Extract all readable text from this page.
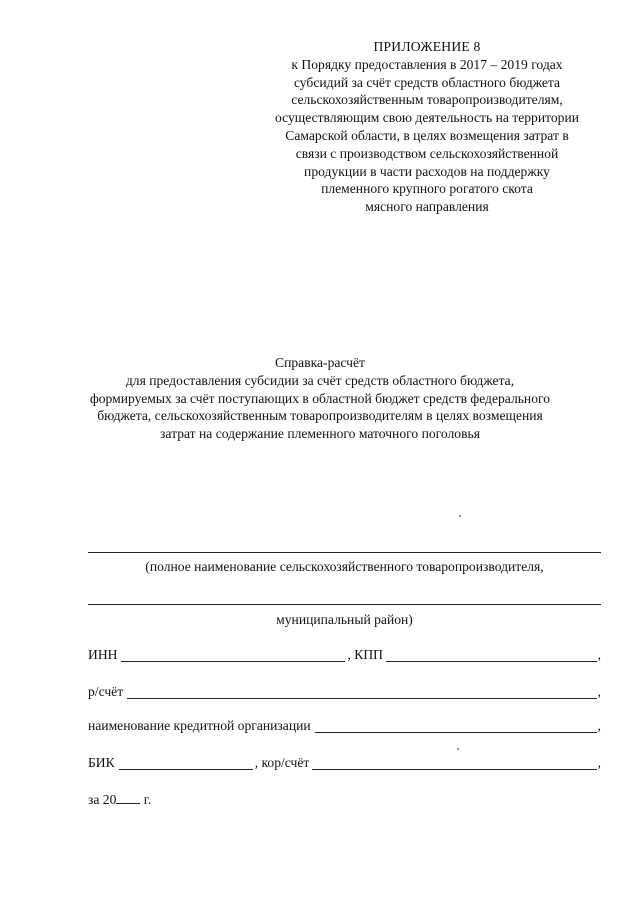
ПРИЛОЖЕНИЕ 8
к Порядку предоставления в 2017 – 2019 годах
субсидий за счёт средств областного бюджета
сельскохозяйственным товаропроизводителям,
осуществляющим свою деятельность на территории
Самарской области, в целях возмещения затрат в
связи с производством сельскохозяйственной
продукции в части расходов на поддержку
племенного крупного рогатого скота
мясного направления
Справка-расчёт
для предоставления субсидии за счёт средств областного бюджета,
формируемых за счёт поступающих в областной бюджет средств федерального
бюджета, сельскохозяйственным товаропроизводителям в целях возмещения
затрат на содержание племенного маточного поголовья
(полное наименование сельскохозяйственного товаропроизводителя,
муниципальный район)
ИНН	, КПП	,
р/счёт	,
наименование кредитной организации	,
БИК	, кор/счёт	,
за 20 г.
